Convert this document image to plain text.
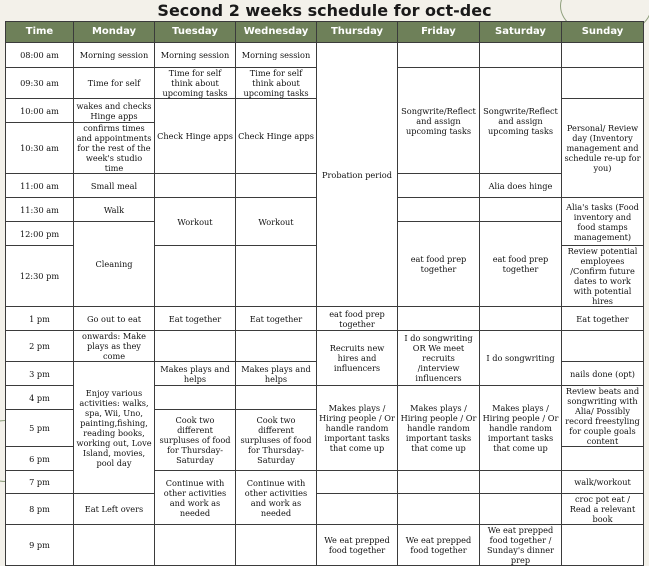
Second 2 weeks schedule for oct-dec
Time	Monday	Tuesday	Wednesday	Thursday	Friday	Saturday	Sunday
08:00 am	Morning session	Morning session	Morning session	Probation period			
09:30 am	Time for self	Time for self think about upcoming tasks	Time for self think about upcoming tasks		Songwrite/Reflect and assign upcoming tasks	Songwrite/Reflect and assign upcoming tasks	
10:00 am	wakes and checks Hinge apps	Check Hinge apps	Check Hinge apps				Personal/ Review day (Inventory management and schedule re-up for you)
10:30 am	confirms times and appointments for the rest of the week's studio time						
11:00 am	Small meal					Alia does hinge	
11:30 am	Walk	Workout	Workout				Alia's tasks (Food inventory and food stamps management)
12:00 pm	Cleaning				eat food prep together	eat food prep together	
12:30 pm							Review potential employees /Confirm future dates to work with potential hires
1 pm	Go out to eat	Eat together	Eat together	eat food prep together			Eat together
2 pm	onwards: Make plays as they come			Recruits new hires and influencers	I do songwriting OR We meet recruits /interview influencers	I do songwriting	
3 pm	Enjoy various activities: walks, spa, Wii, Uno, painting,fishing, reading books, working out, Love Island, movies, pool day	Makes plays and helps	Makes plays and helps				nails done (opt)
4 pm				Makes plays / Hiring people / Or handle random important tasks that come up	Makes plays / Hiring people / Or handle random important tasks that come up	Makes plays / Hiring people / Or handle random important tasks that come up	Review beats and songwriting with Alia/ Possibly record freestyling for couple goals content
5 pm		Cook two different surpluses of food for Thursday-Saturday	Cook two different surpluses of food for Thursday-Saturday				
6 pm							
7 pm		Continue with other activities and work as needed	Continue with other activities and work as needed				walk/workout
8 pm	Eat Left overs						croc pot eat / Read a relevant book
9 pm				We eat prepped food together	We eat prepped food together	We eat prepped food together / Sunday's dinner prep	
